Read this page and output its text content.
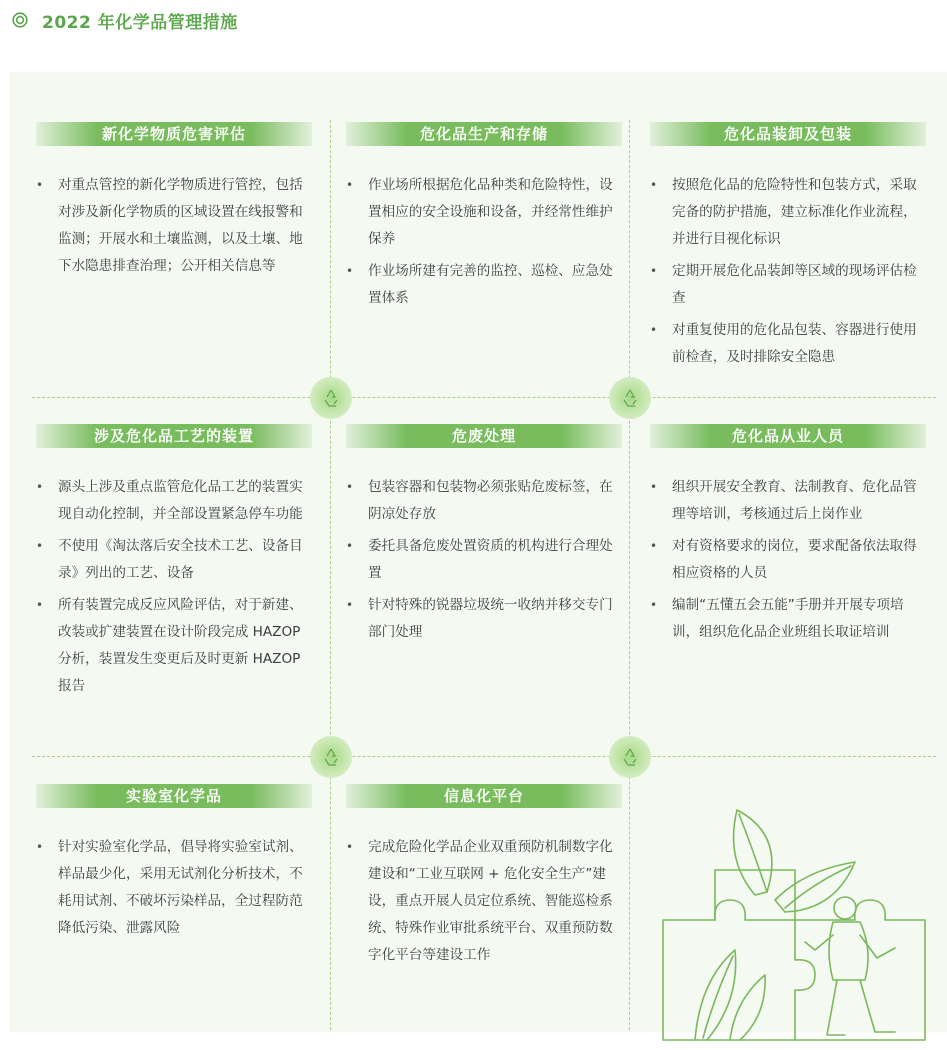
2022 年化学品管理措施
新化学物质危害评估
• 对重点管控的新化学物质进行管控，包括对涉及新化学物质的区域设置在线报警和监测；开展水和土壤监测，以及土壤、地下水隐患排查治理；公开相关信息等
危化品生产和存储
• 作业场所根据危化品种类和危险特性，设置相应的安全设施和设备，并经常性维护保养
• 作业场所建有完善的监控、巡检、应急处置体系
危化品装卸及包装
• 按照危化品的危险特性和包装方式，采取完备的防护措施，建立标准化作业流程，并进行目视化标识
• 定期开展危化品装卸等区域的现场评估检查
• 对重复使用的危化品包装、容器进行使用前检查，及时排除安全隐患
涉及危化品工艺的装置
• 源头上涉及重点监管危化品工艺的装置实现自动化控制，并全部设置紧急停车功能
• 不使用《淘汰落后安全技术工艺、设备目录》列出的工艺、设备
• 所有装置完成反应风险评估，对于新建、改装或扩建装置在设计阶段完成 HAZOP 分析，装置发生变更后及时更新 HAZOP 报告
危废处理
• 包装容器和包装物必须张贴危废标签，在阴凉处存放
• 委托具备危废处置资质的机构进行合理处置
• 针对特殊的锐器垃圾统一收纳并移交专门部门处理
危化品从业人员
• 组织开展安全教育、法制教育、危化品管理等培训，考核通过后上岗作业
• 对有资格要求的岗位，要求配备依法取得相应资格的人员
• 编制“五懂五会五能”手册并开展专项培训，组织危化品企业班组长取证培训
实验室化学品
• 针对实验室化学品，倡导将实验室试剂、样品最少化，采用无试剂化分析技术，不耗用试剂、不破坏污染样品，全过程防范降低污染、泄露风险
信息化平台
• 完成危险化学品企业双重预防机制数字化建设和“工业互联网 + 危化安全生产”建设，重点开展人员定位系统、智能巡检系统、特殊作业审批系统平台、双重预防数字化平台等建设工作
